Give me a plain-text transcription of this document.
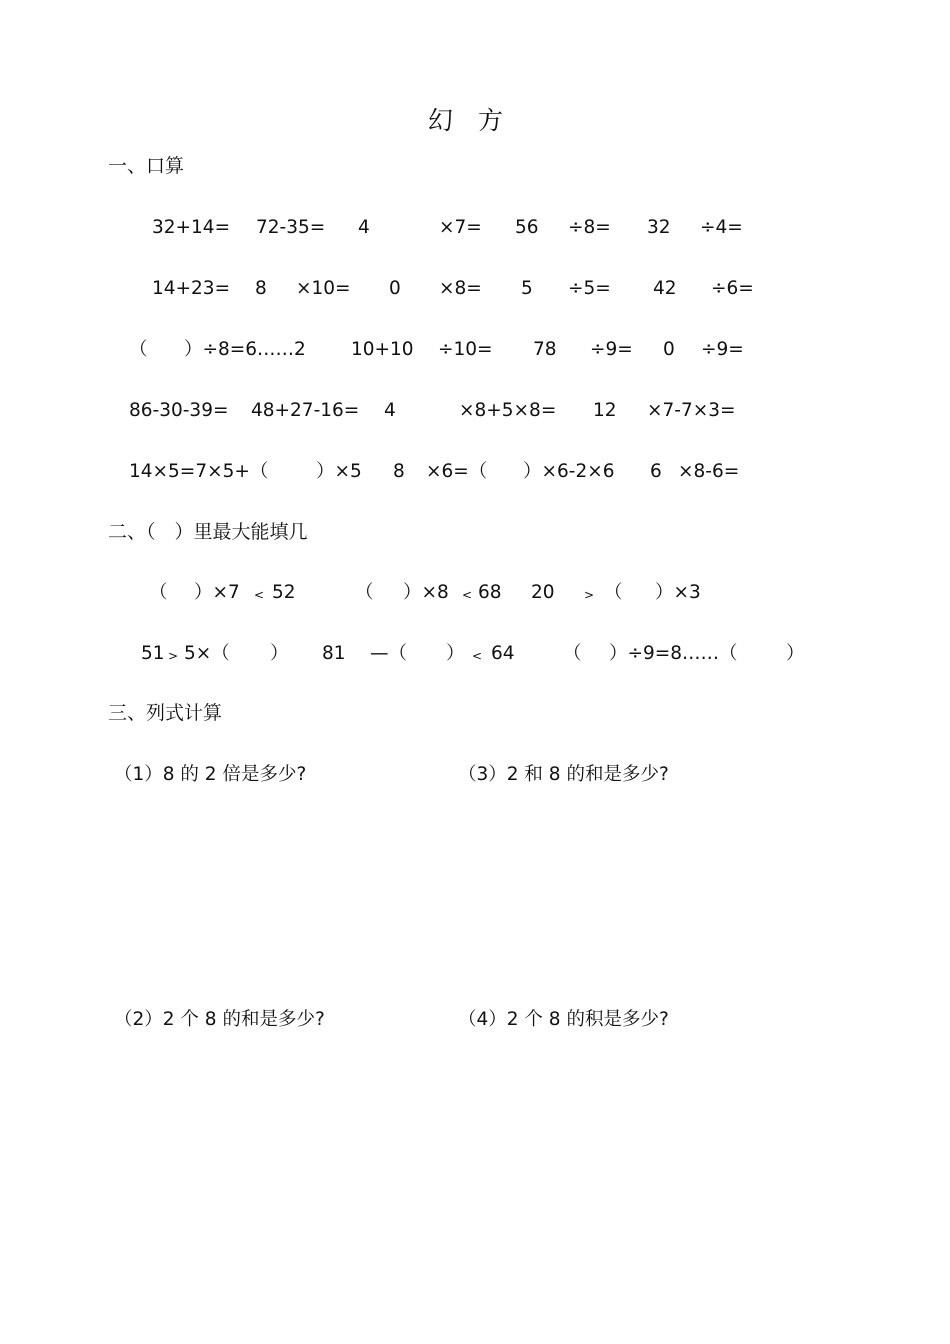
幻　方
一、口算
32+14= 72-35= 4	×7= 56 ÷8= 32 ÷4=
14+23= 8 ×10= 0 ×8= 5 ÷5= 42 ÷6=
（ ）÷8=6……2 10+10 ÷10= 78 ÷9= 0 ÷9=
86-30-39= 48+27-16= 4	×8+5×8= 12 ×7-7×3=
14×5=7×5+（	）×5 8 ×6=（ ）×6-2×6 6 ×8-6=
二、（　）里最大能填几
（ ）×7 < 52	（ ）×8 < 68 20 > （ ）×3
51 > 5×（ ） 81 —（ ） < 64	（ ）÷9=8……（	）
三、列式计算
（1）8 的 2 倍是多少?	（3）2 和 8 的和是多少?
（2）2 个 8 的和是多少?	（4）2 个 8 的积是多少?
